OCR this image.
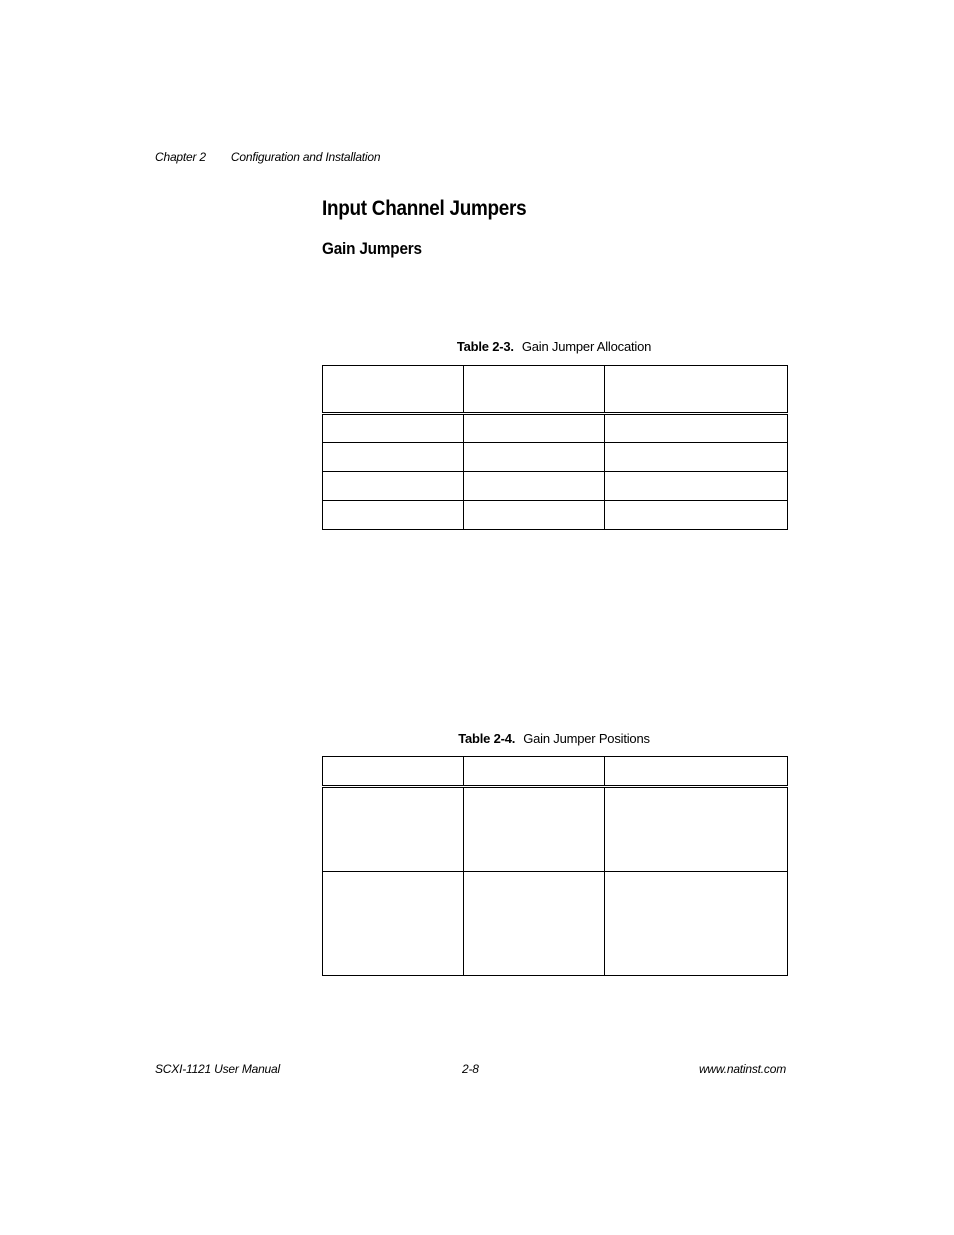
Chapter 2 Configuration and Installation
Input Channel Jumpers
Gain Jumpers
Table 2-3. Gain Jumper Allocation

Table 2-4. Gain Jumper Positions

SCXI-1121 User Manual	2-8	www.natinst.com
